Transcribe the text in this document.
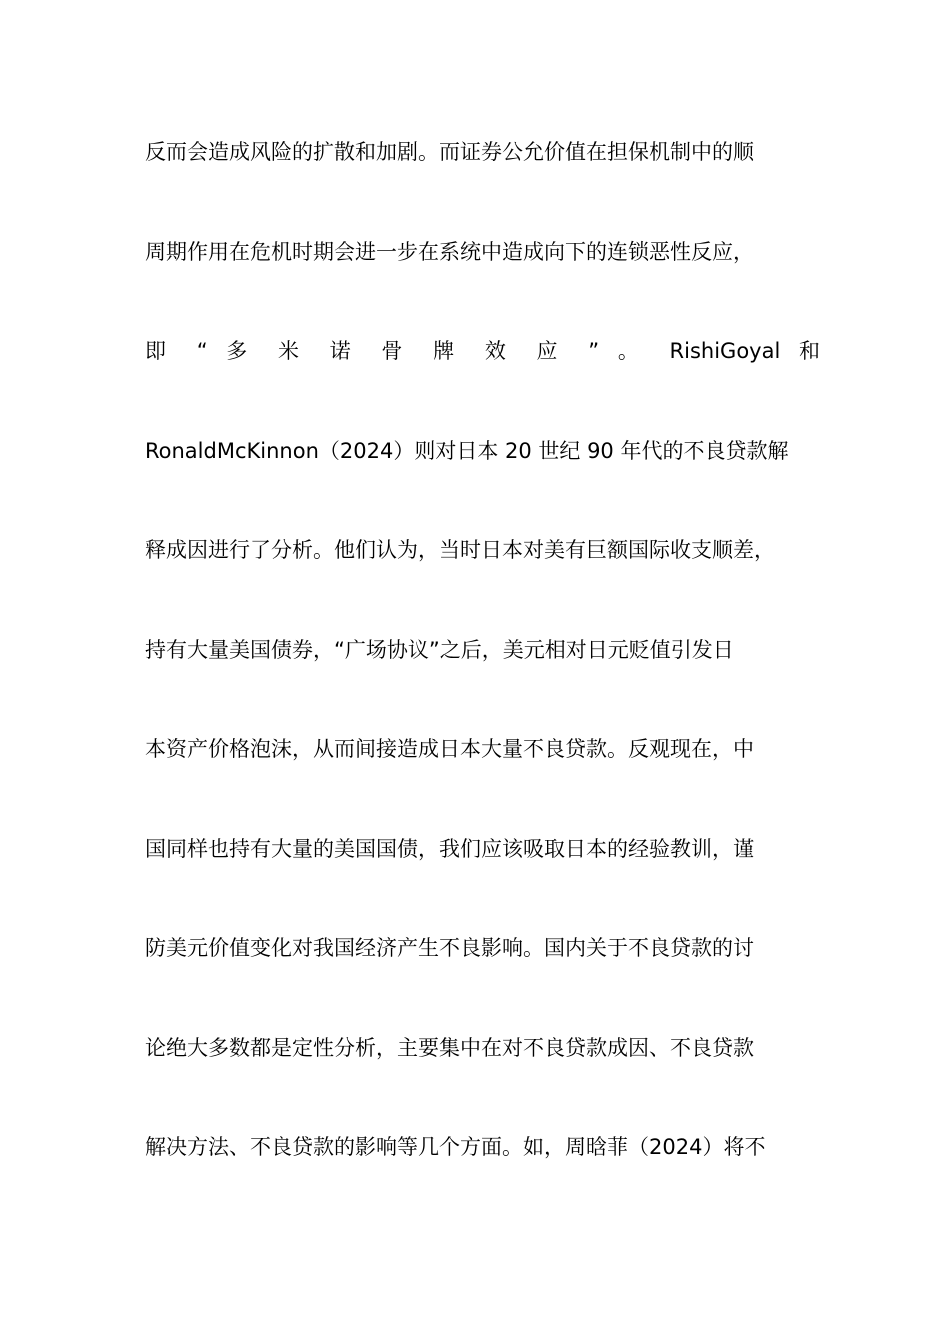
反而会造成风险的扩散和加剧。而证券公允价值在担保机制中的顺
周期作用在危机时期会进一步在系统中造成向下的连锁恶性反应，
即 “ 多 米 诺 骨 牌 效 应 ” 。 RishiGoyal 和
RonaldMcKinnon（2024）则对日本 20 世纪 90 年代的不良贷款解
释成因进行了分析。他们认为，当时日本对美有巨额国际收支顺差，
持有大量美国债券，“广场协议”之后，美元相对日元贬值引发日
本资产价格泡沫，从而间接造成日本大量不良贷款。反观现在，中
国同样也持有大量的美国国债，我们应该吸取日本的经验教训，谨
防美元价值变化对我国经济产生不良影响。国内关于不良贷款的讨
论绝大多数都是定性分析，主要集中在对不良贷款成因、不良贷款
解决方法、不良贷款的影响等几个方面。如，周晗菲（2024）将不
